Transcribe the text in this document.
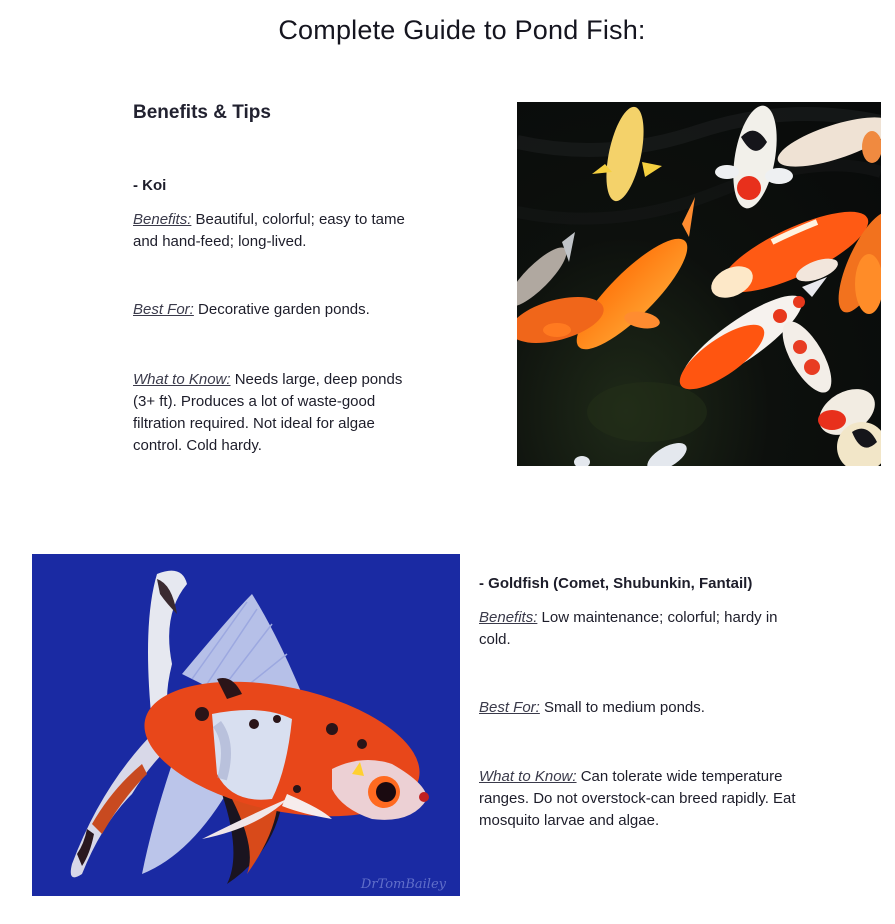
Complete Guide to Pond Fish:
Benefits & Tips
- Koi

Benefits: Beautiful, colorful; easy to tame and hand-feed; long-lived.

Best For: Decorative garden ponds.

What to Know: Needs large, deep ponds (3+ ft). Produces a lot of waste-good filtration required. Not ideal for algae control. Cold hardy.

DrTomBailey
- Goldfish (Comet, Shubunkin, Fantail)

Benefits: Low maintenance; colorful; hardy in cold.

Best For: Small to medium ponds.

What to Know: Can tolerate wide temperature ranges. Do not overstock-can breed rapidly. Eat mosquito larvae and algae.
